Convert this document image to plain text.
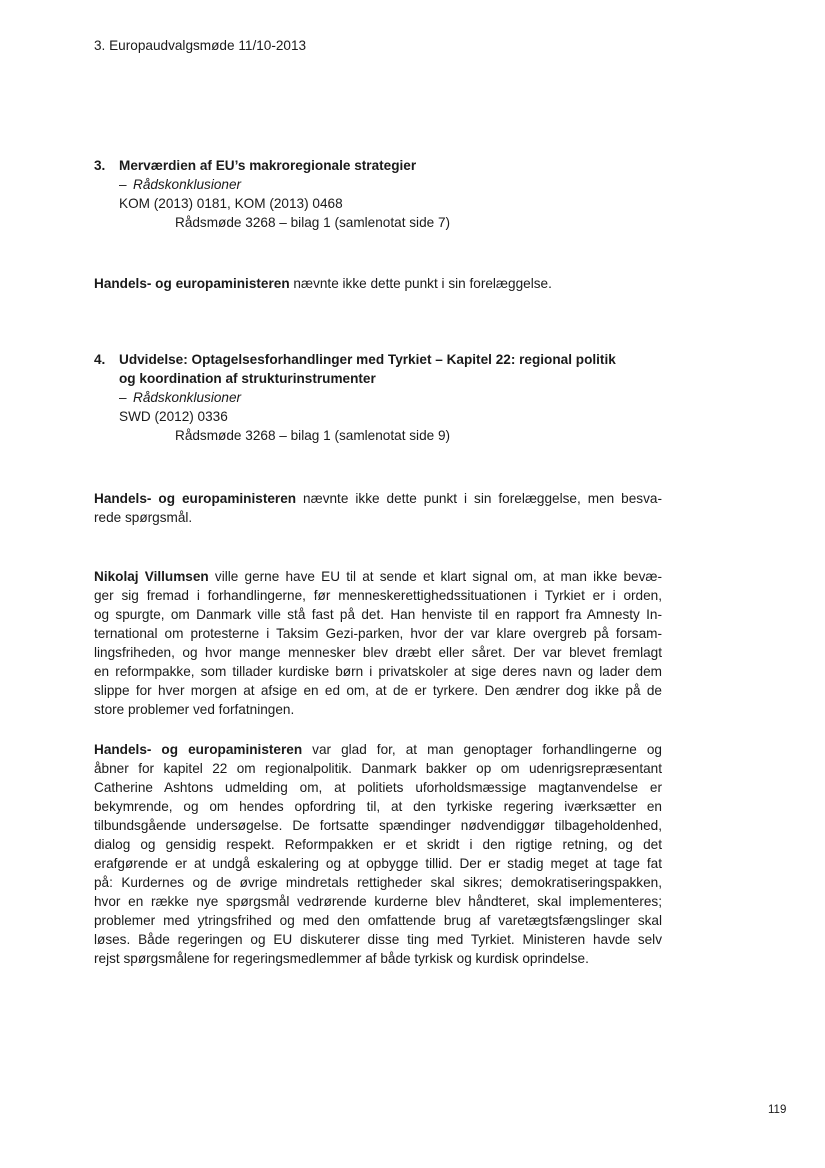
3. Europaudvalgsmøde 11/10-2013
3. Merværdien af EU’s makroregionale strategier
– Rådskonklusioner
KOM (2013) 0181, KOM (2013) 0468
Rådsmøde 3268 – bilag 1 (samlenotat side 7)
Handels- og europaministeren nævnte ikke dette punkt i sin forelæggelse.
4. Udvidelse: Optagelsesforhandlinger med Tyrkiet – Kapitel 22: regional politik
og koordination af strukturinstrumenter
– Rådskonklusioner
SWD (2012) 0336
Rådsmøde 3268 – bilag 1 (samlenotat side 9)
Handels- og europaministeren nævnte ikke dette punkt i sin forelæggelse, men besva-
rede spørgsmål.
Nikolaj Villumsen ville gerne have EU til at sende et klart signal om, at man ikke bevæ-
ger sig fremad i forhandlingerne, før menneskerettighedssituationen i Tyrkiet er i orden,
og spurgte, om Danmark ville stå fast på det. Han henviste til en rapport fra Amnesty In-
ternational om protesterne i Taksim Gezi-parken, hvor der var klare overgreb på forsam-
lingsfriheden, og hvor mange mennesker blev dræbt eller såret. Der var blevet fremlagt
en reformpakke, som tillader kurdiske børn i privatskoler at sige deres navn og lader dem
slippe for hver morgen at afsige en ed om, at de er tyrkere. Den ændrer dog ikke på de
store problemer ved forfatningen.
Handels- og europaministeren var glad for, at man genoptager forhandlingerne og
åbner for kapitel 22 om regionalpolitik. Danmark bakker op om udenrigsrepræsentant
Catherine Ashtons udmelding om, at politiets uforholdsmæssige magtanvendelse er
bekymrende, og om hendes opfordring til, at den tyrkiske regering iværksætter en
tilbundsgående undersøgelse. De fortsatte spændinger nødvendiggør tilbageholdenhed,
dialog og gensidig respekt. Reformpakken er et skridt i den rigtige retning, og det
erafgørende er at undgå eskalering og at opbygge tillid. Der er stadig meget at tage fat
på: Kurdernes og de øvrige mindretals rettigheder skal sikres; demokratiseringspakken,
hvor en række nye spørgsmål vedrørende kurderne blev håndteret, skal implementeres;
problemer med ytringsfrihed og med den omfattende brug af varetægtsfængslinger skal
løses. Både regeringen og EU diskuterer disse ting med Tyrkiet. Ministeren havde selv
rejst spørgsmålene for regeringsmedlemmer af både tyrkisk og kurdisk oprindelse.
119
